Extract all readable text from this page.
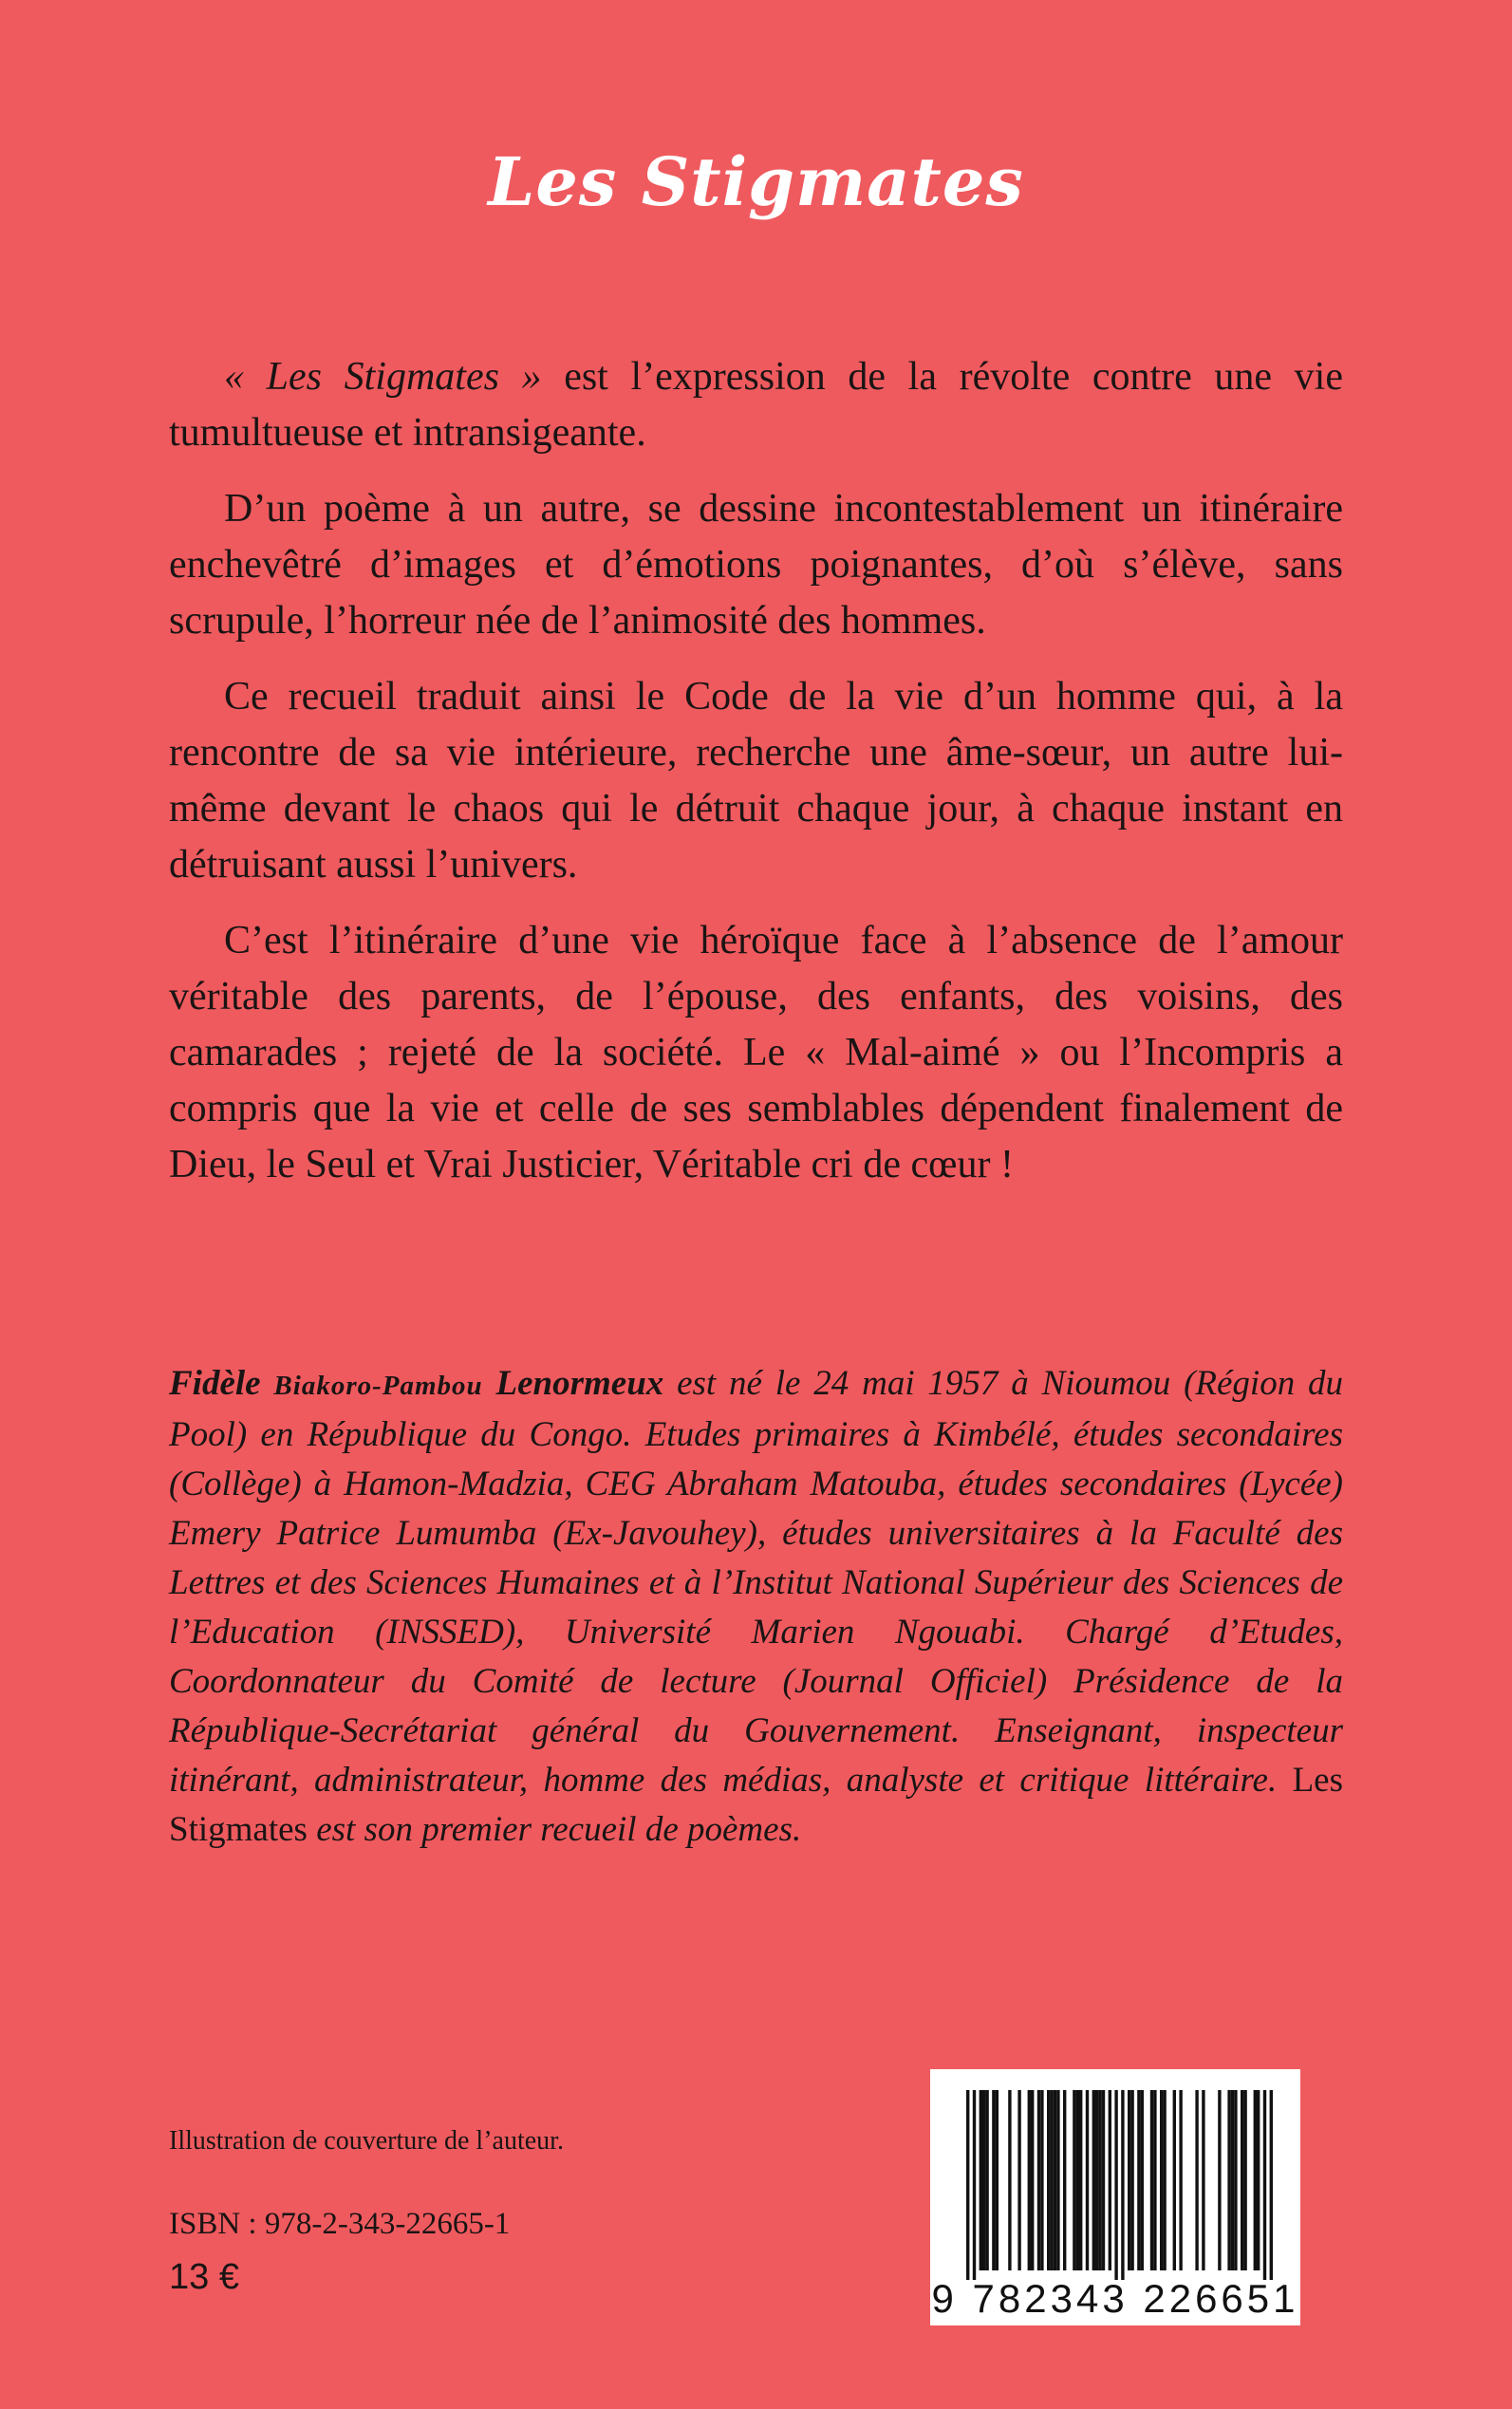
Les Stigmates

« Les Stigmates » est l’expression de la révolte contre une vie tumultueuse et intransigeante.

D’un poème à un autre, se dessine incontestablement un itinéraire enchevêtré d’images et d’émotions poignantes, d’où s’élève, sans scrupule, l’horreur née de l’animosité des hommes.

Ce recueil traduit ainsi le Code de la vie d’un homme qui, à la rencontre de sa vie intérieure, recherche une âme-sœur, un autre lui-même devant le chaos qui le détruit chaque jour, à chaque instant en détruisant aussi l’univers.

C’est l’itinéraire d’une vie héroïque face à l’absence de l’amour véritable des parents, de l’épouse, des enfants, des voisins, des camarades ; rejeté de la société. Le « Mal-aimé » ou l’Incompris a compris que la vie et celle de ses semblables dépendent finalement de Dieu, le Seul et Vrai Justicier, Véritable cri de cœur !

Fidèle Biakoro-Pambou Lenormeux est né le 24 mai 1957 à Nioumou (Région du Pool) en République du Congo. Etudes primaires à Kimbélé, études secondaires (Collège) à Hamon-Madzia, CEG Abraham Matouba, études secondaires (Lycée) Emery Patrice Lumumba (Ex-Javouhey), études universitaires à la Faculté des Lettres et des Sciences Humaines et à l’Institut National Supérieur des Sciences de l’Education (INSSED), Université Marien Ngouabi. Chargé d’Etudes, Coordonnateur du Comité de lecture (Journal Officiel) Présidence de la République-Secrétariat général du Gouvernement. Enseignant, inspecteur itinérant, administrateur, homme des médias, analyste et critique littéraire. Les Stigmates est son premier recueil de poèmes.

Illustration de couverture de l’auteur.
ISBN : 978-2-343-22665-1
13 €	9 782343 226651
